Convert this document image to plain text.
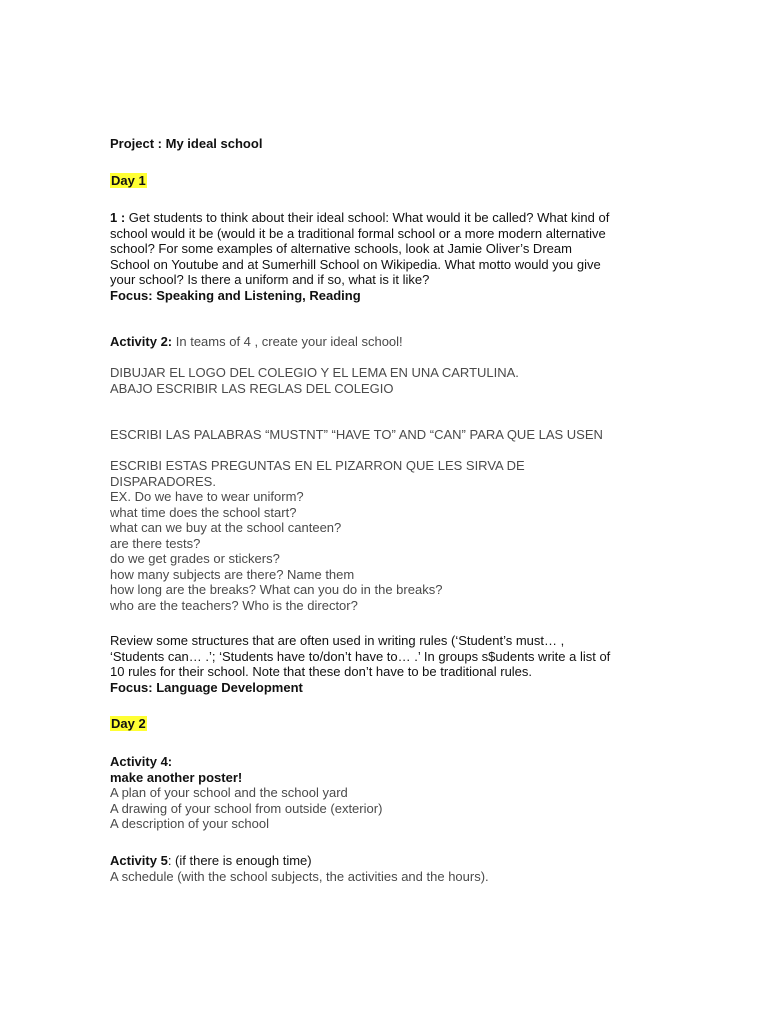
Project : My ideal school
Day 1
1 : Get students to think about their ideal school: What would it be called? What kind of
school would it be (would it be a traditional formal school or a more modern alternative
school? For some examples of alternative schools, look at Jamie Oliver’s Dream
School on Youtube and at Sumerhill School on Wikipedia. What motto would you give
your school? Is there a uniform and if so, what is it like?
Focus: Speaking and Listening, Reading
Activity 2: In teams of 4 , create your ideal school!
DIBUJAR EL LOGO DEL COLEGIO Y EL LEMA EN UNA CARTULINA.
ABAJO ESCRIBIR LAS REGLAS DEL COLEGIO
ESCRIBI LAS PALABRAS “MUSTNT” “HAVE TO” AND “CAN” PARA QUE LAS USEN
ESCRIBI ESTAS PREGUNTAS EN EL PIZARRON QUE LES SIRVA DE
DISPARADORES.
EX. Do we have to wear uniform?
what time does the school start?
what can we buy at the school canteen?
are there tests?
do we get grades or stickers?
how many subjects are there? Name them
how long are the breaks? What can you do in the breaks?
who are the teachers? Who is the director?
Review some structures that are often used in writing rules (‘Student’s must… ,
‘Students can… .’; ‘Students have to/don’t have to… .’ In groups s$udents write a list of
10 rules for their school. Note that these don’t have to be traditional rules.
Focus: Language Development
Day 2
Activity 4:
make another poster!
A plan of your school and the school yard
A drawing of your school from outside (exterior)
A description of your school
Activity 5: (if there is enough time)
A schedule (with the school subjects, the activities and the hours).
